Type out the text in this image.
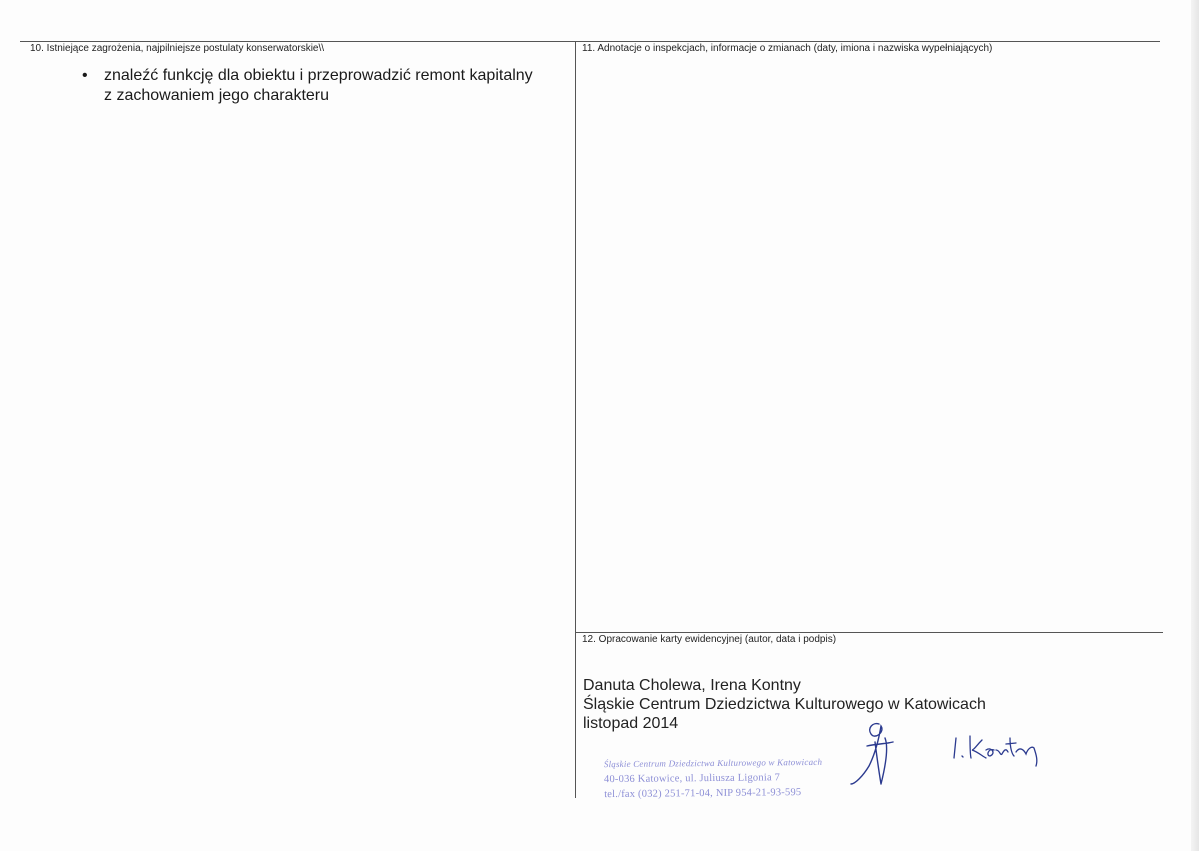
10. Istniejące zagrożenia, najpilniejsze postulaty konserwatorskie\\
• znaleźć funkcję dla obiektu i przeprowadzić remont kapitalny
z zachowaniem jego charakteru
11. Adnotacje o inspekcjach, informacje o zmianach (daty, imiona i nazwiska wypełniających)
12. Opracowanie karty ewidencyjnej (autor, data i podpis)
Danuta Cholewa, Irena Kontny
Śląskie Centrum Dziedzictwa Kulturowego w Katowicach
listopad 2014
Śląskie Centrum Dziedzictwa Kulturowego w Katowicach
40-036 Katowice, ul. Juliusza Ligonia 7
tel./fax (032) 251-71-04, NIP 954-21-93-595
